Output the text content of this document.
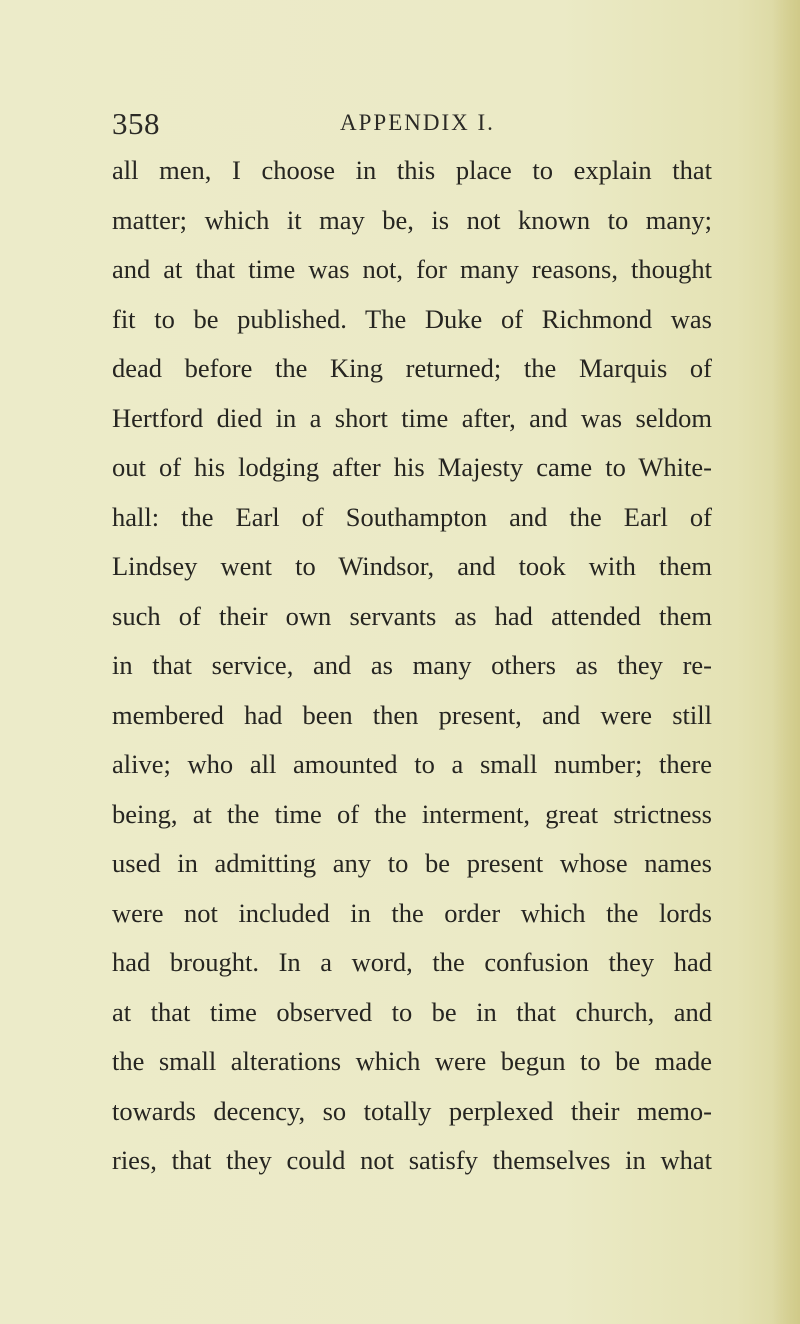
358	APPENDIX I.
all men, I choose in this place to explain that
matter; which it may be, is not known to many;
and at that time was not, for many reasons, thought
fit to be published. The Duke of Richmond was
dead before the King returned; the Marquis of
Hertford died in a short time after, and was seldom
out of his lodging after his Majesty came to White-
hall: the Earl of Southampton and the Earl of
Lindsey went to Windsor, and took with them
such of their own servants as had attended them
in that service, and as many others as they re-
membered had been then present, and were still
alive; who all amounted to a small number; there
being, at the time of the interment, great strictness
used in admitting any to be present whose names
were not included in the order which the lords
had brought. In a word, the confusion they had
at that time observed to be in that church, and
the small alterations which were begun to be made
towards decency, so totally perplexed their memo-
ries, that they could not satisfy themselves in what
